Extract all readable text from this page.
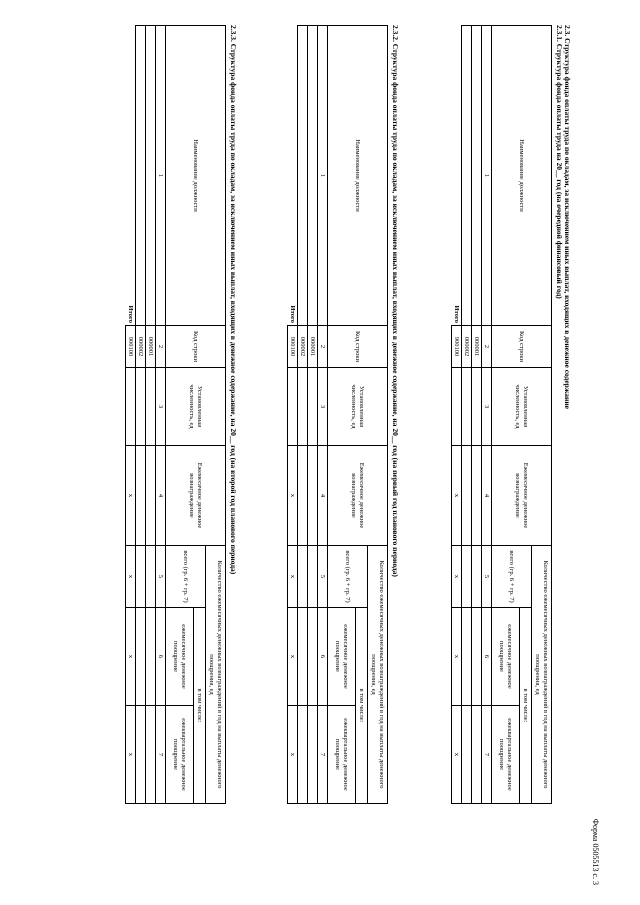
Форма 0505513 с. 3
2.3. Структура фонда оплаты труда по окладам, за исключением иных выплат, входящих в денежное содержание
2.3.1. Структура фонда оплаты труда на 20__ год (на очередной финансовый год)
Наименование должности	Код строки	Установленная численность, ед	Ежемесячное денежное вознаграждение	Количество ежемесячных денежных вознаграждений в год на выплаты денежного поощрения, ед		
				всего (гр. 6 + гр. 7)	в том числе:	
					ежемесячное денежное поощрение	ежеквартальное денежное поощрение
1	2	3	4	5	6	7
	000001					
	000002					
Итого	900100		x	x	x	x
2.3.2. Структура фонда оплаты труда по окладам, за исключением иных выплат, входящих в денежное содержание, на 20__ год (на первый год планового периода)
Наименование должности	Код строки	Установленная численность, ед	Ежемесячное денежное вознаграждение	Количество ежемесячных денежных вознаграждений в год на выплаты денежного поощрения, ед		
				всего (гр. 6 + гр. 7)	в том числе:	
					ежемесячное денежное поощрение	ежеквартальное денежное поощрение
1	2	3	4	5	6	7
	000001					
	000002					
Итого	900100		x	x	x	x
2.3.3. Структура фонда оплаты труда по окладам, за исключением иных выплат, входящих в денежное содержание, на 20__ год (на второй год планового периода)
Наименование должности	Код строки	Установленная численность, ед	Ежемесячное денежное вознаграждение	Количество ежемесячных денежных вознаграждений в год на выплаты денежного поощрения, ед		
				всего (гр. 6 + гр. 7)	в том числе:	
					ежемесячное денежное поощрение	ежеквартальное денежное поощрение
1	2	3	4	5	6	7
	000001					
	000002					
Итого	900100		x	x	x	x
